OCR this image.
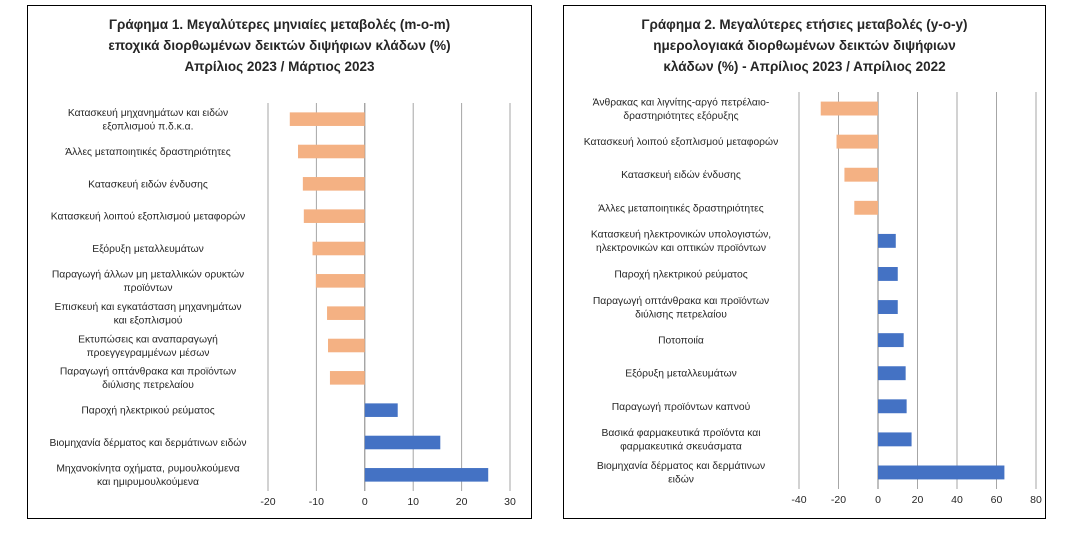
Γράφημα 1. Μεγαλύτερες μηνιαίες μεταβολές (m-o-m)
εποχικά διορθωμένων δεικτών διψήφιων κλάδων (%)
Απρίλιος 2023 / Μάρτιος 2023
-20	-10	0	10	20	30
Κατασκευή μηχανημάτων και ειδών
εξοπλισμού π.δ.κ.α.
Άλλες μεταποιητικές δραστηριότητες
Κατασκευή ειδών ένδυσης
Κατασκευή λοιπού εξοπλισμού μεταφορών
Εξόρυξη μεταλλευμάτων
Παραγωγή άλλων μη μεταλλικών ορυκτών
προϊόντων
Επισκευή και εγκατάσταση μηχανημάτων
και εξοπλισμού
Εκτυπώσεις και αναπαραγωγή
προεγγεγραμμένων μέσων
Παραγωγή οπτάνθρακα και προϊόντων
διύλισης πετρελαίου
Παροχή ηλεκτρικού ρεύματος
Βιομηχανία δέρματος και δερμάτινων ειδών
Μηχανοκίνητα οχήματα, ρυμουλκούμενα
και ημιρυμουλκούμενα
Γράφημα 2. Μεγαλύτερες ετήσιες μεταβολές (y-o-y)
ημερολογιακά διορθωμένων δεικτών διψήφιων
κλάδων (%) - Απρίλιος 2023 / Απρίλιος 2022
-40 -20	0	20	40	60	80
Άνθρακας και λιγνίτης-αργό πετρέλαιο-
δραστηριότητες εξόρυξης
Κατασκευή λοιπού εξοπλισμού μεταφορών
Κατασκευή ειδών ένδυσης
Άλλες μεταποιητικές δραστηριότητες
Κατασκευή ηλεκτρονικών υπολογιστών,
ηλεκτρονικών και οπτικών προϊόντων
Παροχή ηλεκτρικού ρεύματος
Παραγωγή οπτάνθρακα και προϊόντων
διύλισης πετρελαίου
Ποτοποιία
Εξόρυξη μεταλλευμάτων
Παραγωγή προϊόντων καπνού
Βασικά φαρμακευτικά προϊόντα και
φαρμακευτικά σκευάσματα
Βιομηχανία δέρματος και δερμάτινων
ειδών
